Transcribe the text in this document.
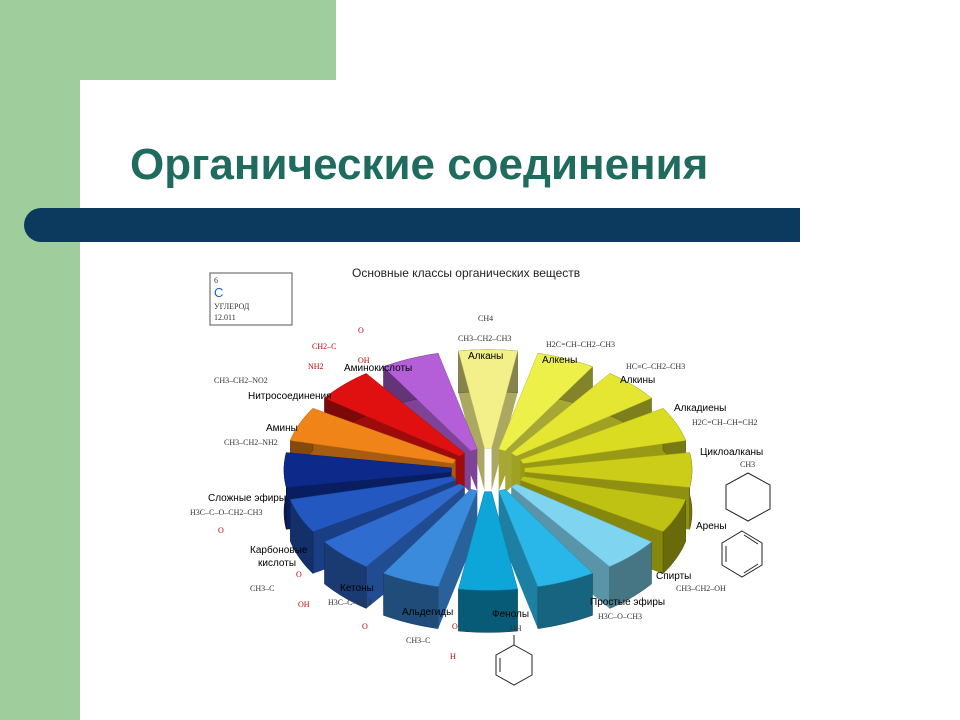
Органические соединения
Основные классы органических веществ
6
C
УГЛЕРОД
12.011
Алканы	Алкены
Алкины
Алкадиены
Циклоалканы
Арены
Спирты
Простые эфиры
Фенолы
Альдегиды
Кетоны
Карбоновые
кислоты
Сложные эфиры
Амины
Нитросоединения
Аминокислоты
CH4
CH3–CH2–CH3
H2C=CH–CH2–CH3
HC≡C–CH2–CH3
H2C=CH–CH=CH2
CH3
CH3–CH2–OH
H3C–O–CH3
OH
CH3–C
O
H
H3C–C–CH3
O
CH3–C
O
OH
H3C–C–O–CH2–CH3
O
CH3–CH2–NH2
CH3–CH2–NO2
CH2–C
O
OH
NH2
